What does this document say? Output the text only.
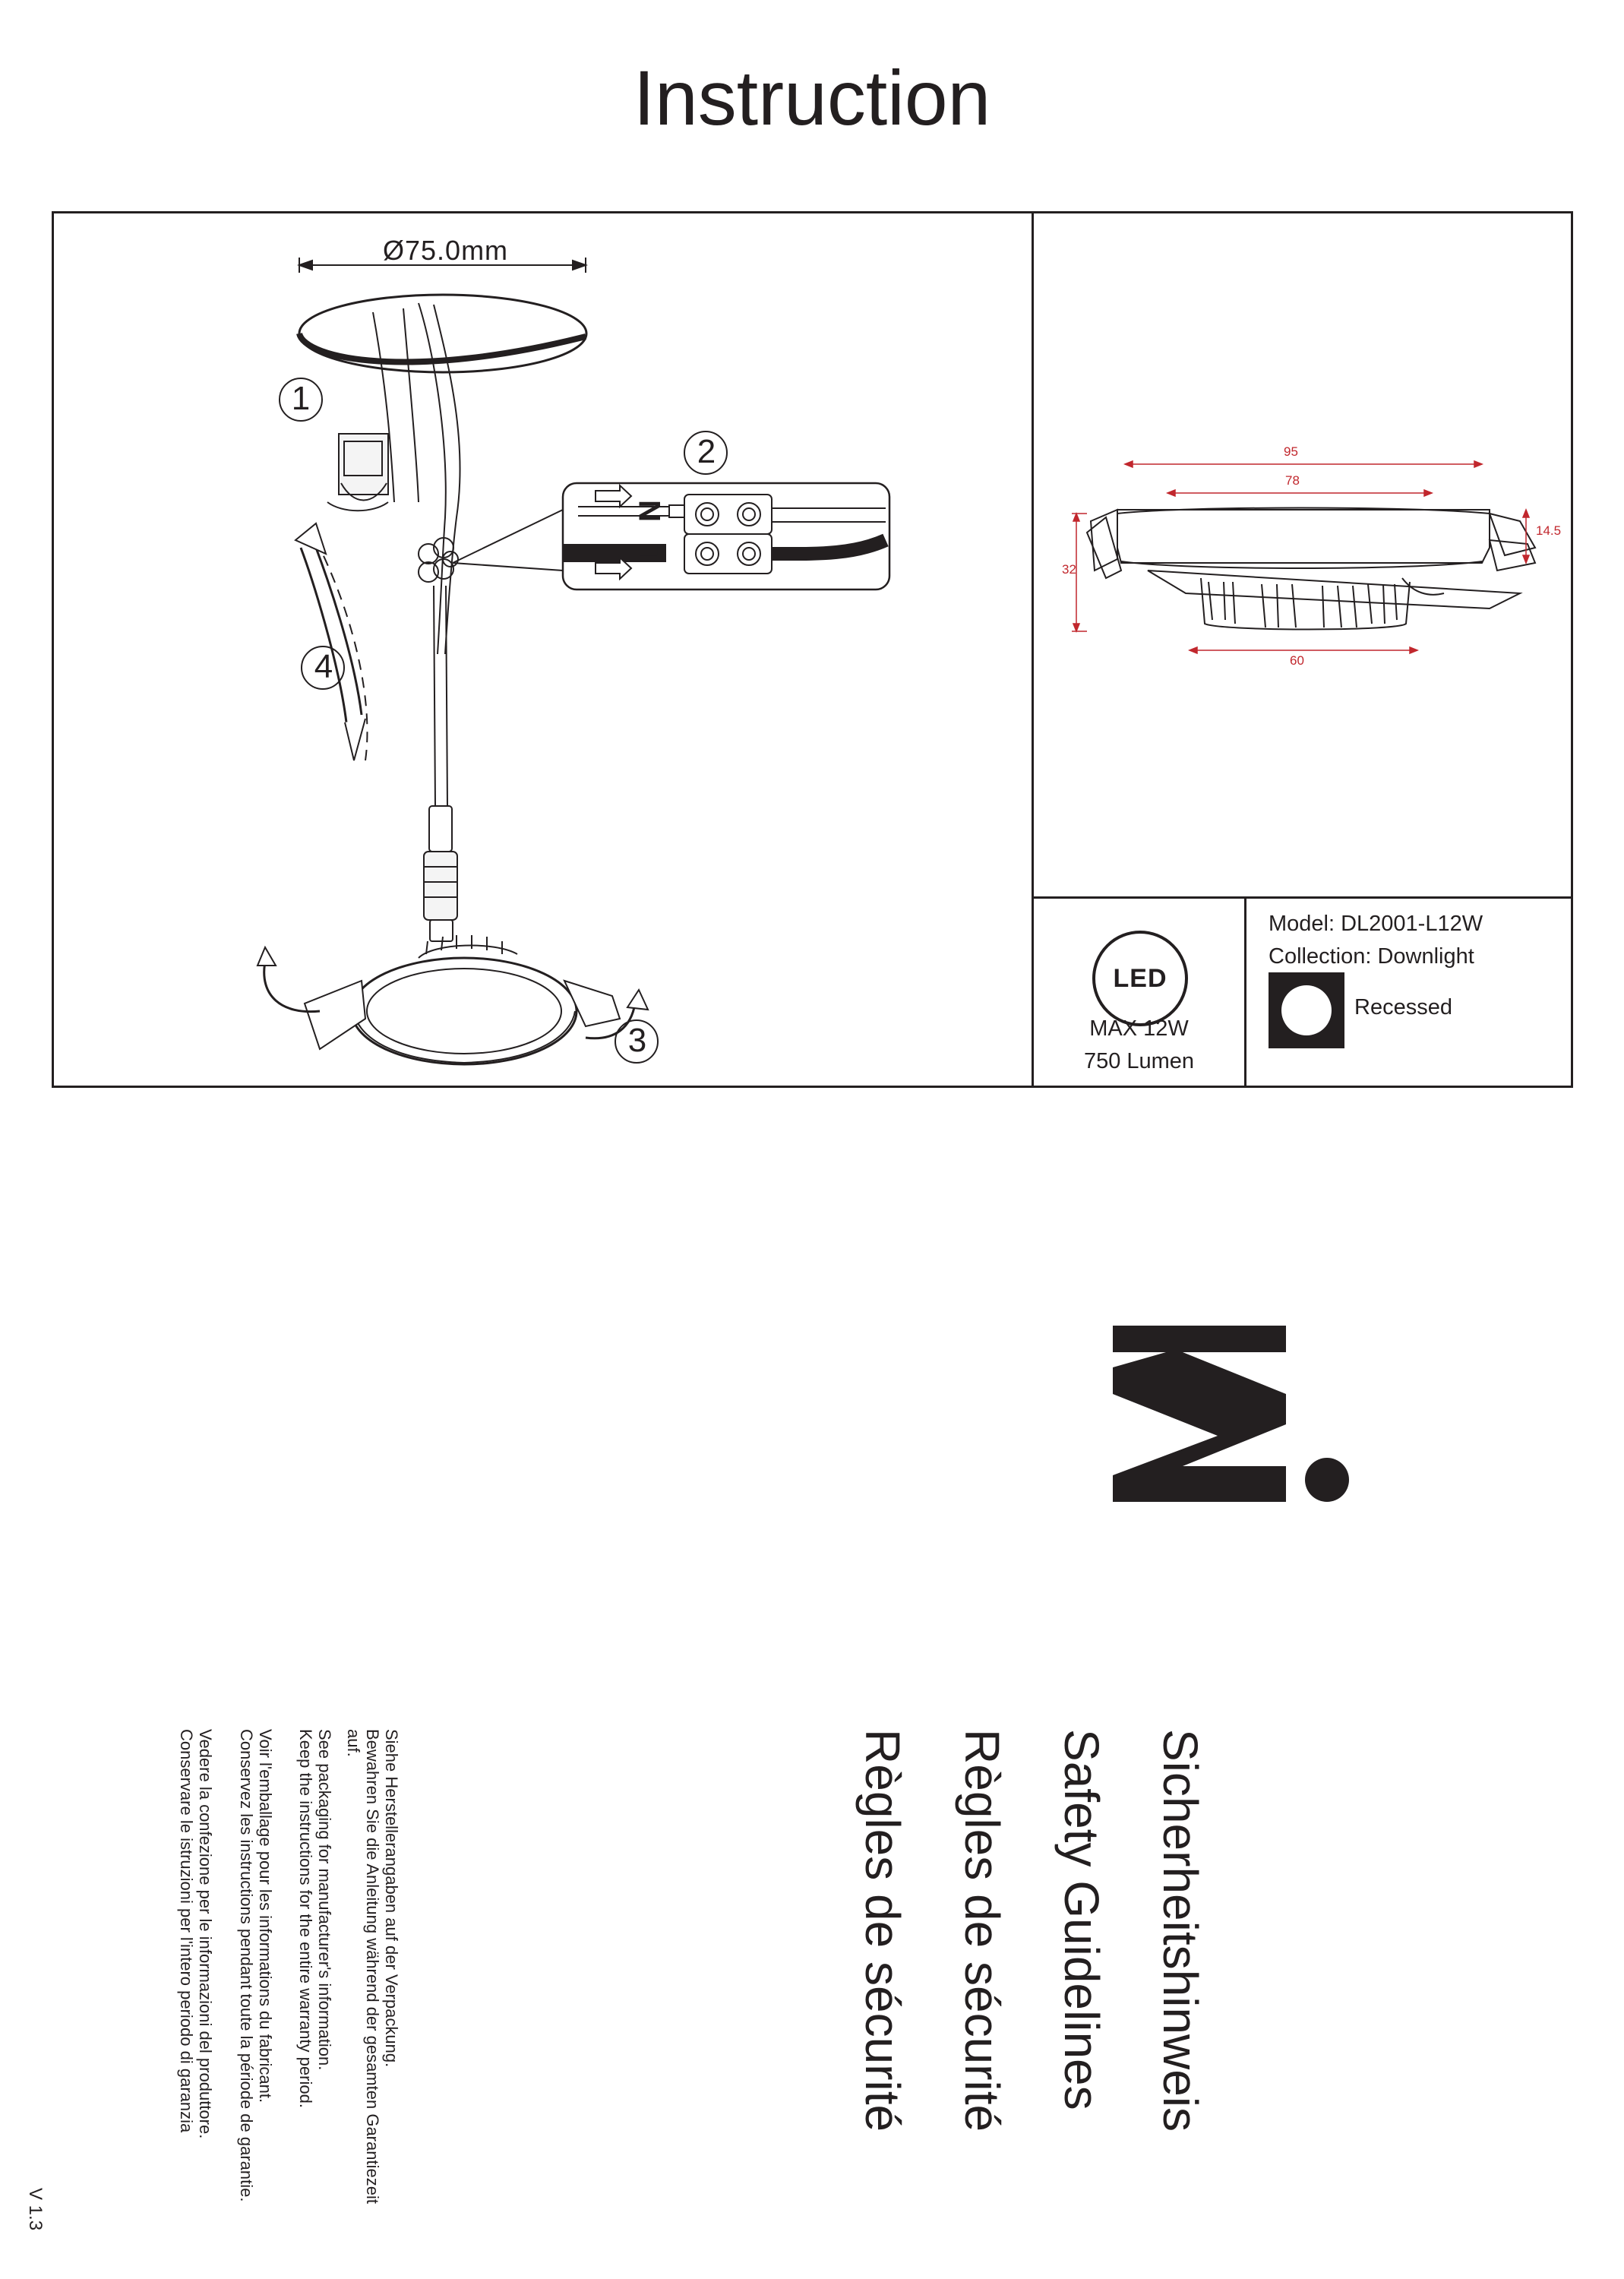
Instruction
Ø75.0mm
1
2
3
4
N
L
95
78
32
14.5
60
LED
MAX 12W
750 Lumen
Model: DL2001-L12W
Collection: Downlight
Recessed
Sicherheitshinweis
Safety Guidelines
Règles de sécurité
Règles de sécurité
Siehe Herstellerangaben auf der Verpackung.
Bewahren Sie die Anleitung während der gesamten Garantiezeit
auf.
See packaging for manufacturer's information.
Keep the instructions for the entire warranty period.
Voir l'emballage pour les informations du fabricant.
Conservez les instructions pendant toute la période de garantie.
Vedere la confezione per le informazioni del produttore.
Conservare le istruzioni per l'intero periodo di garanzia
V 1.3
